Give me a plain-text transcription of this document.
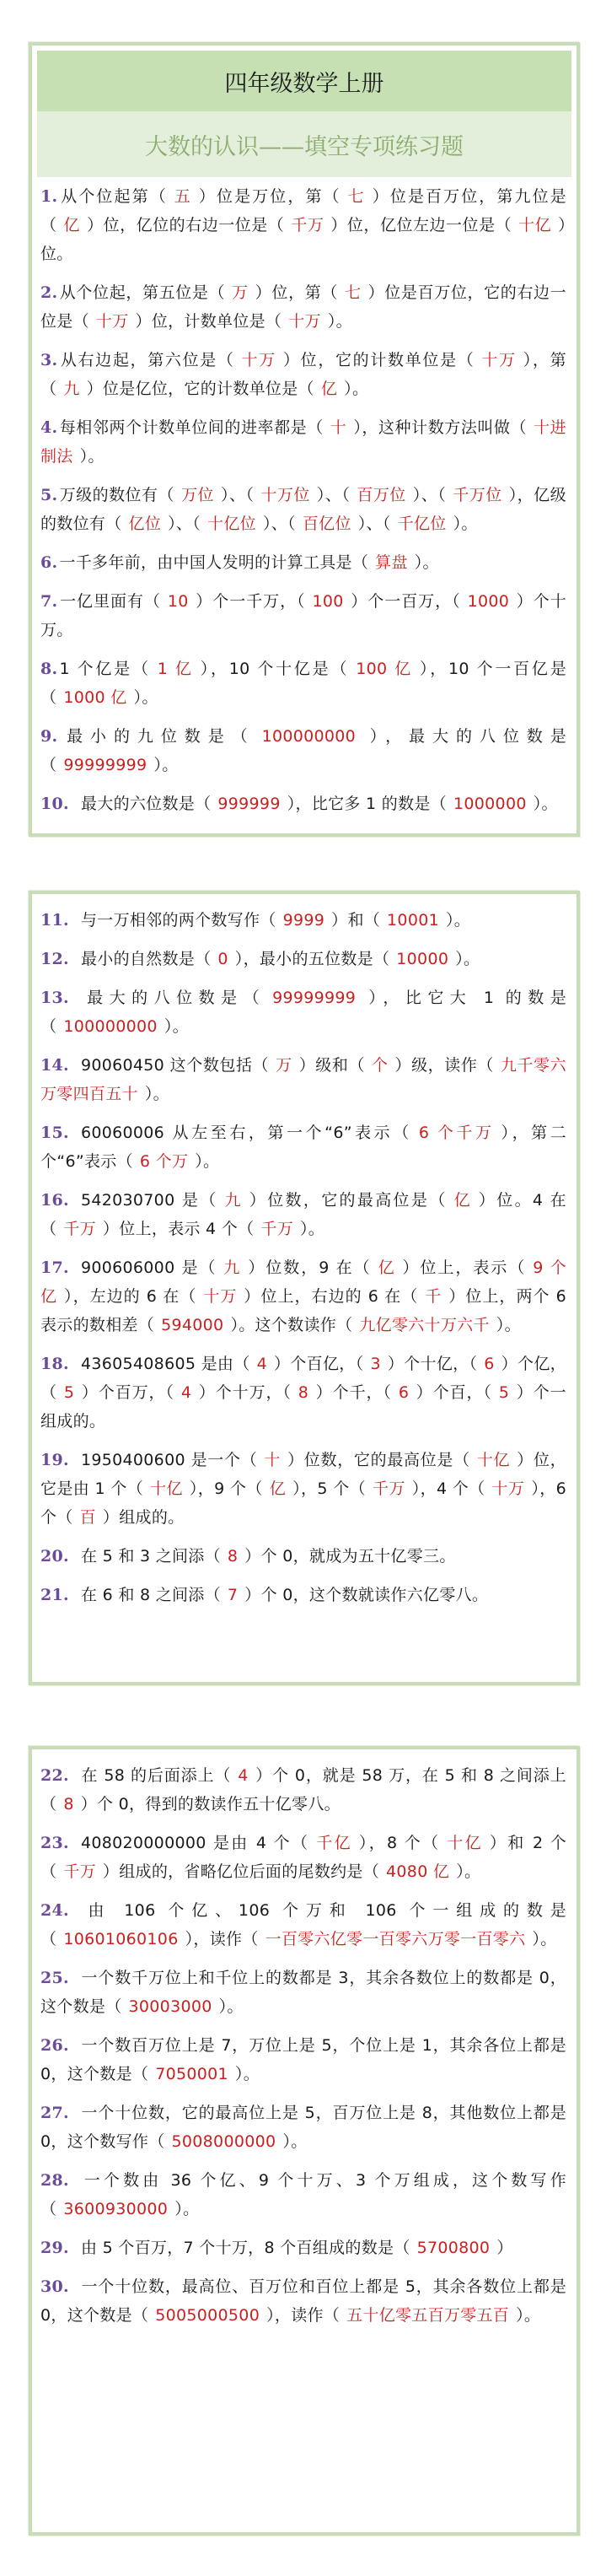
四年级数学上册
大数的认识——填空专项练习题
1. 从个位起第（ 五 ）位是万位，第（ 七 ）位是百万位，第九位是（ 亿 ）位，亿位的右边一位是（ 千万 ）位，亿位左边一位是（ 十亿 ）位。
2. 从个位起，第五位是（ 万 ）位，第（ 七 ）位是百万位，它的右边一位是（ 十万 ）位，计数单位是（ 十万 ）。
3. 从右边起，第六位是（ 十万 ）位，它的计数单位是（ 十万 ），第（ 九 ）位是亿位，它的计数单位是（ 亿 ）。
4. 每相邻两个计数单位间的进率都是（ 十 ），这种计数方法叫做（ 十进制法 ）。
5. 万级的数位有（ 万位 ）、（ 十万位 ）、（ 百万位 ）、（ 千万位 ），亿级的数位有（ 亿位 ）、（ 十亿位 ）、（ 百亿位 ）、（ 千亿位 ）。
6. 一千多年前，由中国人发明的计算工具是（ 算盘 ）。
7. 一亿里面有（ 10 ）个一千万，（ 100 ）个一百万，（ 1000 ）个十万。
8. 1 个亿是（ 1 亿 ），10 个十亿是（ 100 亿 ），10 个一百亿是（ 1000 亿 ）。
9. 最小的九位数是（ 100000000 ），最大的八位数是（ 99999999 ）。
10. 最大的六位数是（ 999999 ），比它多 1 的数是（ 1000000 ）。
11. 与一万相邻的两个数写作（ 9999 ）和（ 10001 ）。
12. 最小的自然数是（ 0 ），最小的五位数是（ 10000 ）。
13. 最大的八位数是（ 99999999 ），比它大 1 的数是（ 100000000 ）。
14. 90060450 这个数包括（ 万 ）级和（ 个 ）级，读作（ 九千零六万零四百五十 ）。
15. 60060006 从左至右，第一个“6”表示（ 6 个千万 ），第二个“6”表示（ 6 个万 ）。
16. 542030700 是（ 九 ）位数，它的最高位是（ 亿 ）位。4 在（ 千万 ）位上，表示 4 个（ 千万 ）。
17. 900606000 是（ 九 ）位数，9 在（ 亿 ）位上，表示（ 9 个亿 ），左边的 6 在（ 十万 ）位上，右边的 6 在（ 千 ）位上，两个 6 表示的数相差（ 594000 ）。这个数读作（ 九亿零六十万六千 ）。
18. 43605408605 是由（ 4 ）个百亿，（ 3 ）个十亿，（ 6 ）个亿，（ 5 ）个百万，（ 4 ）个十万，（ 8 ）个千，（ 6 ）个百，（ 5 ）个一组成的。
19. 1950400600 是一个（ 十 ）位数，它的最高位是（ 十亿 ）位，它是由 1 个（ 十亿 ），9 个（ 亿 ），5 个（ 千万 ），4 个（ 十万 ），6 个（ 百 ）组成的。
20. 在 5 和 3 之间添（ 8 ）个 0，就成为五十亿零三。
21. 在 6 和 8 之间添（ 7 ）个 0，这个数就读作六亿零八。
22. 在 58 的后面添上（ 4 ）个 0，就是 58 万，在 5 和 8 之间添上（ 8 ）个 0，得到的数读作五十亿零八。
23. 408020000000 是由 4 个（ 千亿 ），8 个（ 十亿 ）和 2 个（ 千万 ）组成的，省略亿位后面的尾数约是（ 4080 亿 ）。
24. 由 106 个亿、106 个万和 106 个一组成的数是（ 10601060106 ），读作（ 一百零六亿零一百零六万零一百零六 ）。
25. 一个数千万位上和千位上的数都是 3，其余各数位上的数都是 0，这个数是（ 30003000 ）。
26. 一个数百万位上是 7，万位上是 5，个位上是 1，其余各位上都是 0，这个数是（ 7050001 ）。
27. 一个十位数，它的最高位上是 5，百万位上是 8，其他数位上都是 0，这个数写作（ 5008000000 ）。
28. 一个数由 36 个亿、9 个十万、3 个万组成，这个数写作（ 3600930000 ）。
29. 由 5 个百万，7 个十万，8 个百组成的数是（ 5700800 ）
30. 一个十位数，最高位、百万位和百位上都是 5，其余各数位上都是 0，这个数是（ 5005000500 ），读作（ 五十亿零五百万零五百 ）。
